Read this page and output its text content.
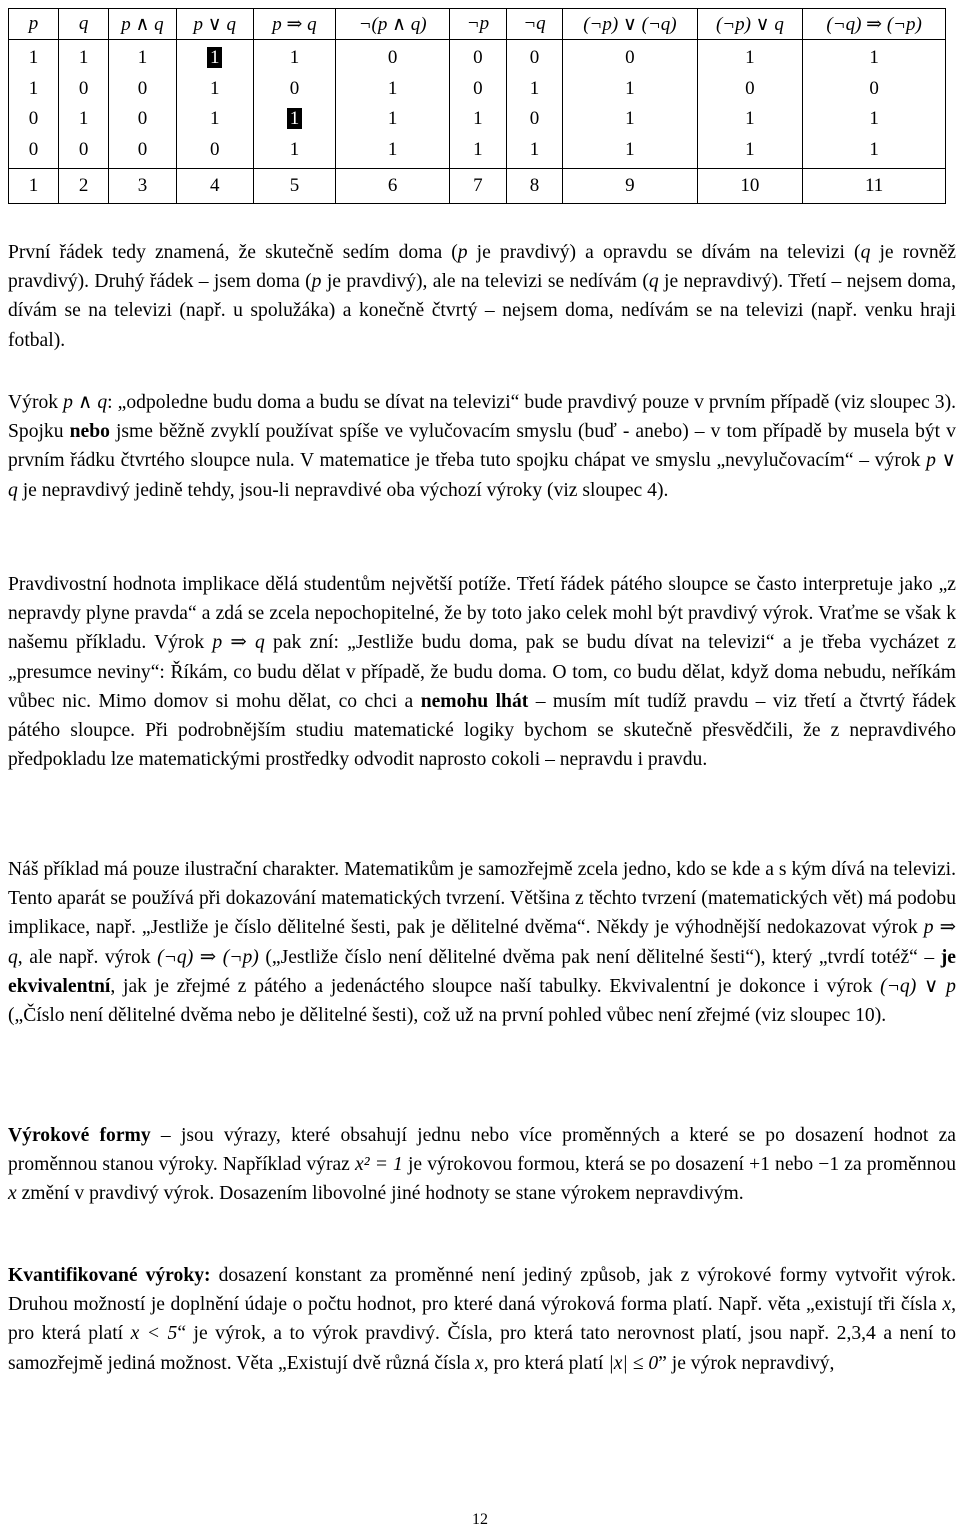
p	q	p ∧ q	p ∨ q	p ⇒ q	¬(p ∧ q)	¬p	¬q	(¬p) ∨ (¬q)	(¬p) ∨ q	(¬q) ⇒ (¬p)
1	1	1	1	1	0	0	0	0	1	1
1	0	0	1	0	1	0	1	1	0	0
0	1	0	1	1	1	1	0	1	1	1
0	0	0	0	1	1	1	1	1	1	1
1	2	3	4	5	6	7	8	9	10	11

První řádek tedy znamená, že skutečně sedím doma (p je pravdivý) a opravdu se dívám na televizi (q je rovněž pravdivý). Druhý řádek – jsem doma (p je pravdivý), ale na televizi se nedívám (q je nepravdivý). Třetí – nejsem doma, dívám se na televizi (např. u spolužáka) a konečně čtvrtý – nejsem doma, nedívám se na televizi (např. venku hraji fotbal).

Výrok p ∧ q: „odpoledne budu doma a budu se dívat na televizi“ bude pravdivý pouze v prvním případě (viz sloupec 3). Spojku nebo jsme běžně zvyklí používat spíše ve vylučovacím smyslu (buď - anebo) – v tom případě by musela být v prvním řádku čtvrtého sloupce nula. V matematice je třeba tuto spojku chápat ve smyslu „nevylučovacím“ – výrok p ∨ q je nepravdivý jedině tehdy, jsou-li nepravdivé oba výchozí výroky (viz sloupec 4).

Pravdivostní hodnota implikace dělá studentům největší potíže. Třetí řádek pátého sloupce se často interpretuje jako „z nepravdy plyne pravda“ a zdá se zcela nepochopitelné, že by toto jako celek mohl být pravdivý výrok. Vraťme se však k našemu příkladu. Výrok p ⇒ q pak zní: „Jestliže budu doma, pak se budu dívat na televizi“ a je třeba vycházet z „presumce neviny“: Říkám, co budu dělat v případě, že budu doma. O tom, co budu dělat, když doma nebudu, neříkám vůbec nic. Mimo domov si mohu dělat, co chci a nemohu lhát – musím mít tudíž pravdu – viz třetí a čtvrtý řádek pátého sloupce. Při podrobnějším studiu matematické logiky bychom se skutečně přesvědčili, že z nepravdivého předpokladu lze matematickými prostředky odvodit naprosto cokoli – nepravdu i pravdu.

Náš příklad má pouze ilustrační charakter. Matematikům je samozřejmě zcela jedno, kdo se kde a s kým dívá na televizi. Tento aparát se používá při dokazování matematických tvrzení. Většina z těchto tvrzení (matematických vět) má podobu implikace, např. „Jestliže je číslo dělitelné šesti, pak je dělitelné dvěma“. Někdy je výhodnější nedokazovat výrok p ⇒ q, ale např. výrok (¬q) ⇒ (¬p) („Jestliže číslo není dělitelné dvěma pak není dělitelné šesti“), který „tvrdí totéž“ – je ekvivalentní, jak je zřejmé z pátého a jedenáctého sloupce naší tabulky. Ekvivalentní je dokonce i výrok (¬q) ∨ p („Číslo není dělitelné dvěma nebo je dělitelné šesti), což už na první pohled vůbec není zřejmé (viz sloupec 10).

Výrokové formy – jsou výrazy, které obsahují jednu nebo více proměnných a které se po dosazení hodnot za proměnnou stanou výroky. Například výraz x² = 1 je výrokovou formou, která se po dosazení +1 nebo −1 za proměnnou x změní v pravdivý výrok. Dosazením libovolné jiné hodnoty se stane výrokem nepravdivým.

Kvantifikované výroky: dosazení konstant za proměnné není jediný způsob, jak z výrokové formy vytvořit výrok. Druhou možností je doplnění údaje o počtu hodnot, pro které daná výroková forma platí. Např. věta „existují tři čísla x, pro která platí x < 5“ je výrok, a to výrok pravdivý. Čísla, pro která tato nerovnost platí, jsou např. 2,3,4 a není to samozřejmě jediná možnost. Věta „Existují dvě různá čísla x, pro která platí |x| ≤ 0” je výrok nepravdivý,

12
